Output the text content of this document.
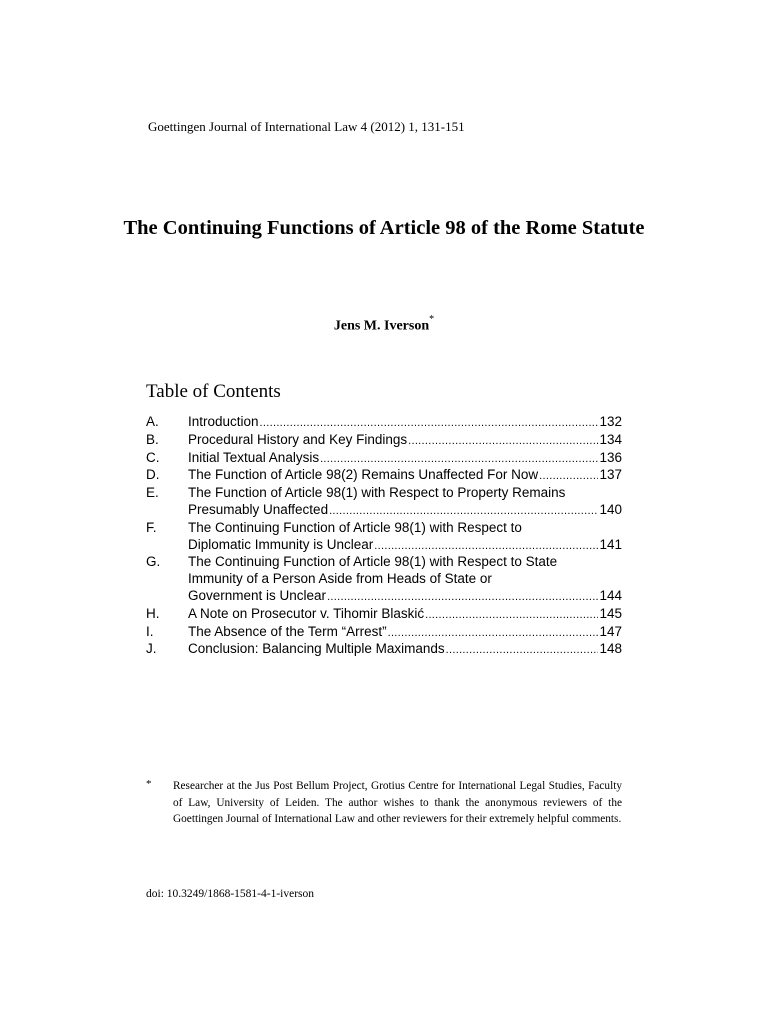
Goettingen Journal of International Law 4 (2012) 1, 131-151
The Continuing Functions of Article 98 of the Rome Statute
Jens M. Iverson*
Table of Contents
A.	Introduction .....	132
B.	Procedural History and Key Findings .....	134
C.	Initial Textual Analysis .....	136
D.	The Function of Article 98(2) Remains Unaffected For Now .....	137
E.	The Function of Article 98(1) with Respect to Property Remains
Presumably Unaffected .....	140
F.	The Continuing Function of Article 98(1) with Respect to
Diplomatic Immunity is Unclear .....	141
G.	The Continuing Function of Article 98(1) with Respect to State
Immunity of a Person Aside from Heads of State or
Government is Unclear .....	144
H.	A Note on Prosecutor v. Tihomir Blaskić .....	145
I.	The Absence of the Term “Arrest” .....	147
J.	Conclusion: Balancing Multiple Maximands .....	148
* Researcher at the Jus Post Bellum Project, Grotius Centre for International Legal Studies, Faculty of Law, University of Leiden. The author wishes to thank the anonymous reviewers of the Goettingen Journal of International Law and other reviewers for their extremely helpful comments.
doi: 10.3249/1868-1581-4-1-iverson
